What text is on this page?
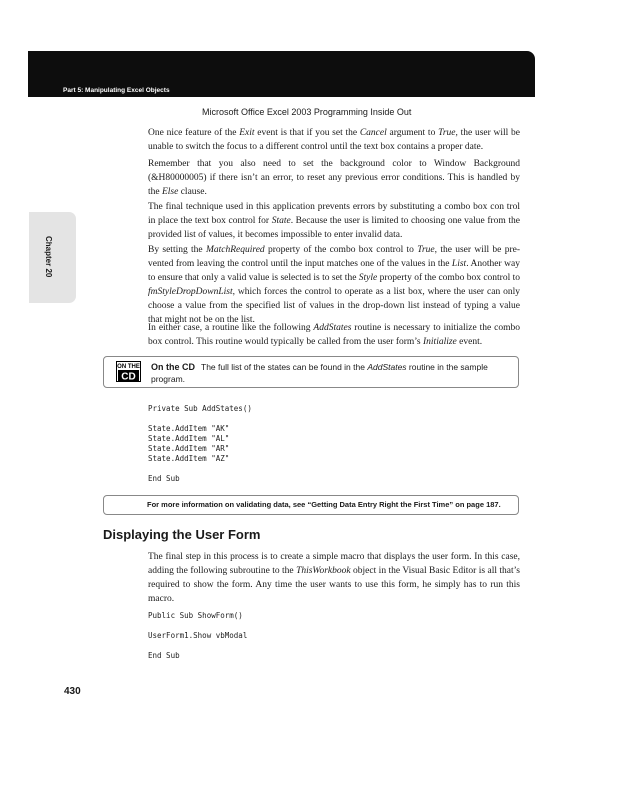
Part 5: Manipulating Excel Objects
Microsoft Office Excel 2003 Programming Inside Out
Chapter 20

One nice feature of the Exit event is that if you set the Cancel argument to True, the user will be unable to switch the focus to a different control until the text box contains a proper date.

Remember that you also need to set the background color to Window Background (&H80000005) if there isn’t an error, to reset any previous error conditions. This is handled by the Else clause.

The final technique used in this application prevents errors by substituting a combo box con trol in place the text box control for State. Because the user is limited to choosing one value from the provided list of values, it becomes impossible to enter invalid data.

By setting the MatchRequired property of the combo box control to True, the user will be pre-vented from leaving the control until the input matches one of the values in the List. Another way to ensure that only a valid value is selected is to set the Style property of the combo box control to fmStyleDropDownList, which forces the control to operate as a list box, where the user can only choose a value from the specified list of values in the drop-down list instead of typing a value that might not be on the list.

In either case, a routine like the following AddStates routine is necessary to initialize the combo box control. This routine would typically be called from the user form’s Initialize event.

ON THE
CD
On the CD The full list of the states can be found in the AddStates routine in the sample program.
Private Sub AddStates()

State.AddItem "AK"
State.AddItem "AL"
State.AddItem "AR"
State.AddItem "AZ"

End Sub
For more information on validating data, see “Getting Data Entry Right the First Time” on page 187.
Displaying the User Form

The final step in this process is to create a simple macro that displays the user form. In this case, adding the following subroutine to the ThisWorkbook object in the Visual Basic Editor is all that’s required to show the form. Any time the user wants to use this form, he simply has to run this macro.

Public Sub ShowForm()

UserForm1.Show vbModal

End Sub
430
